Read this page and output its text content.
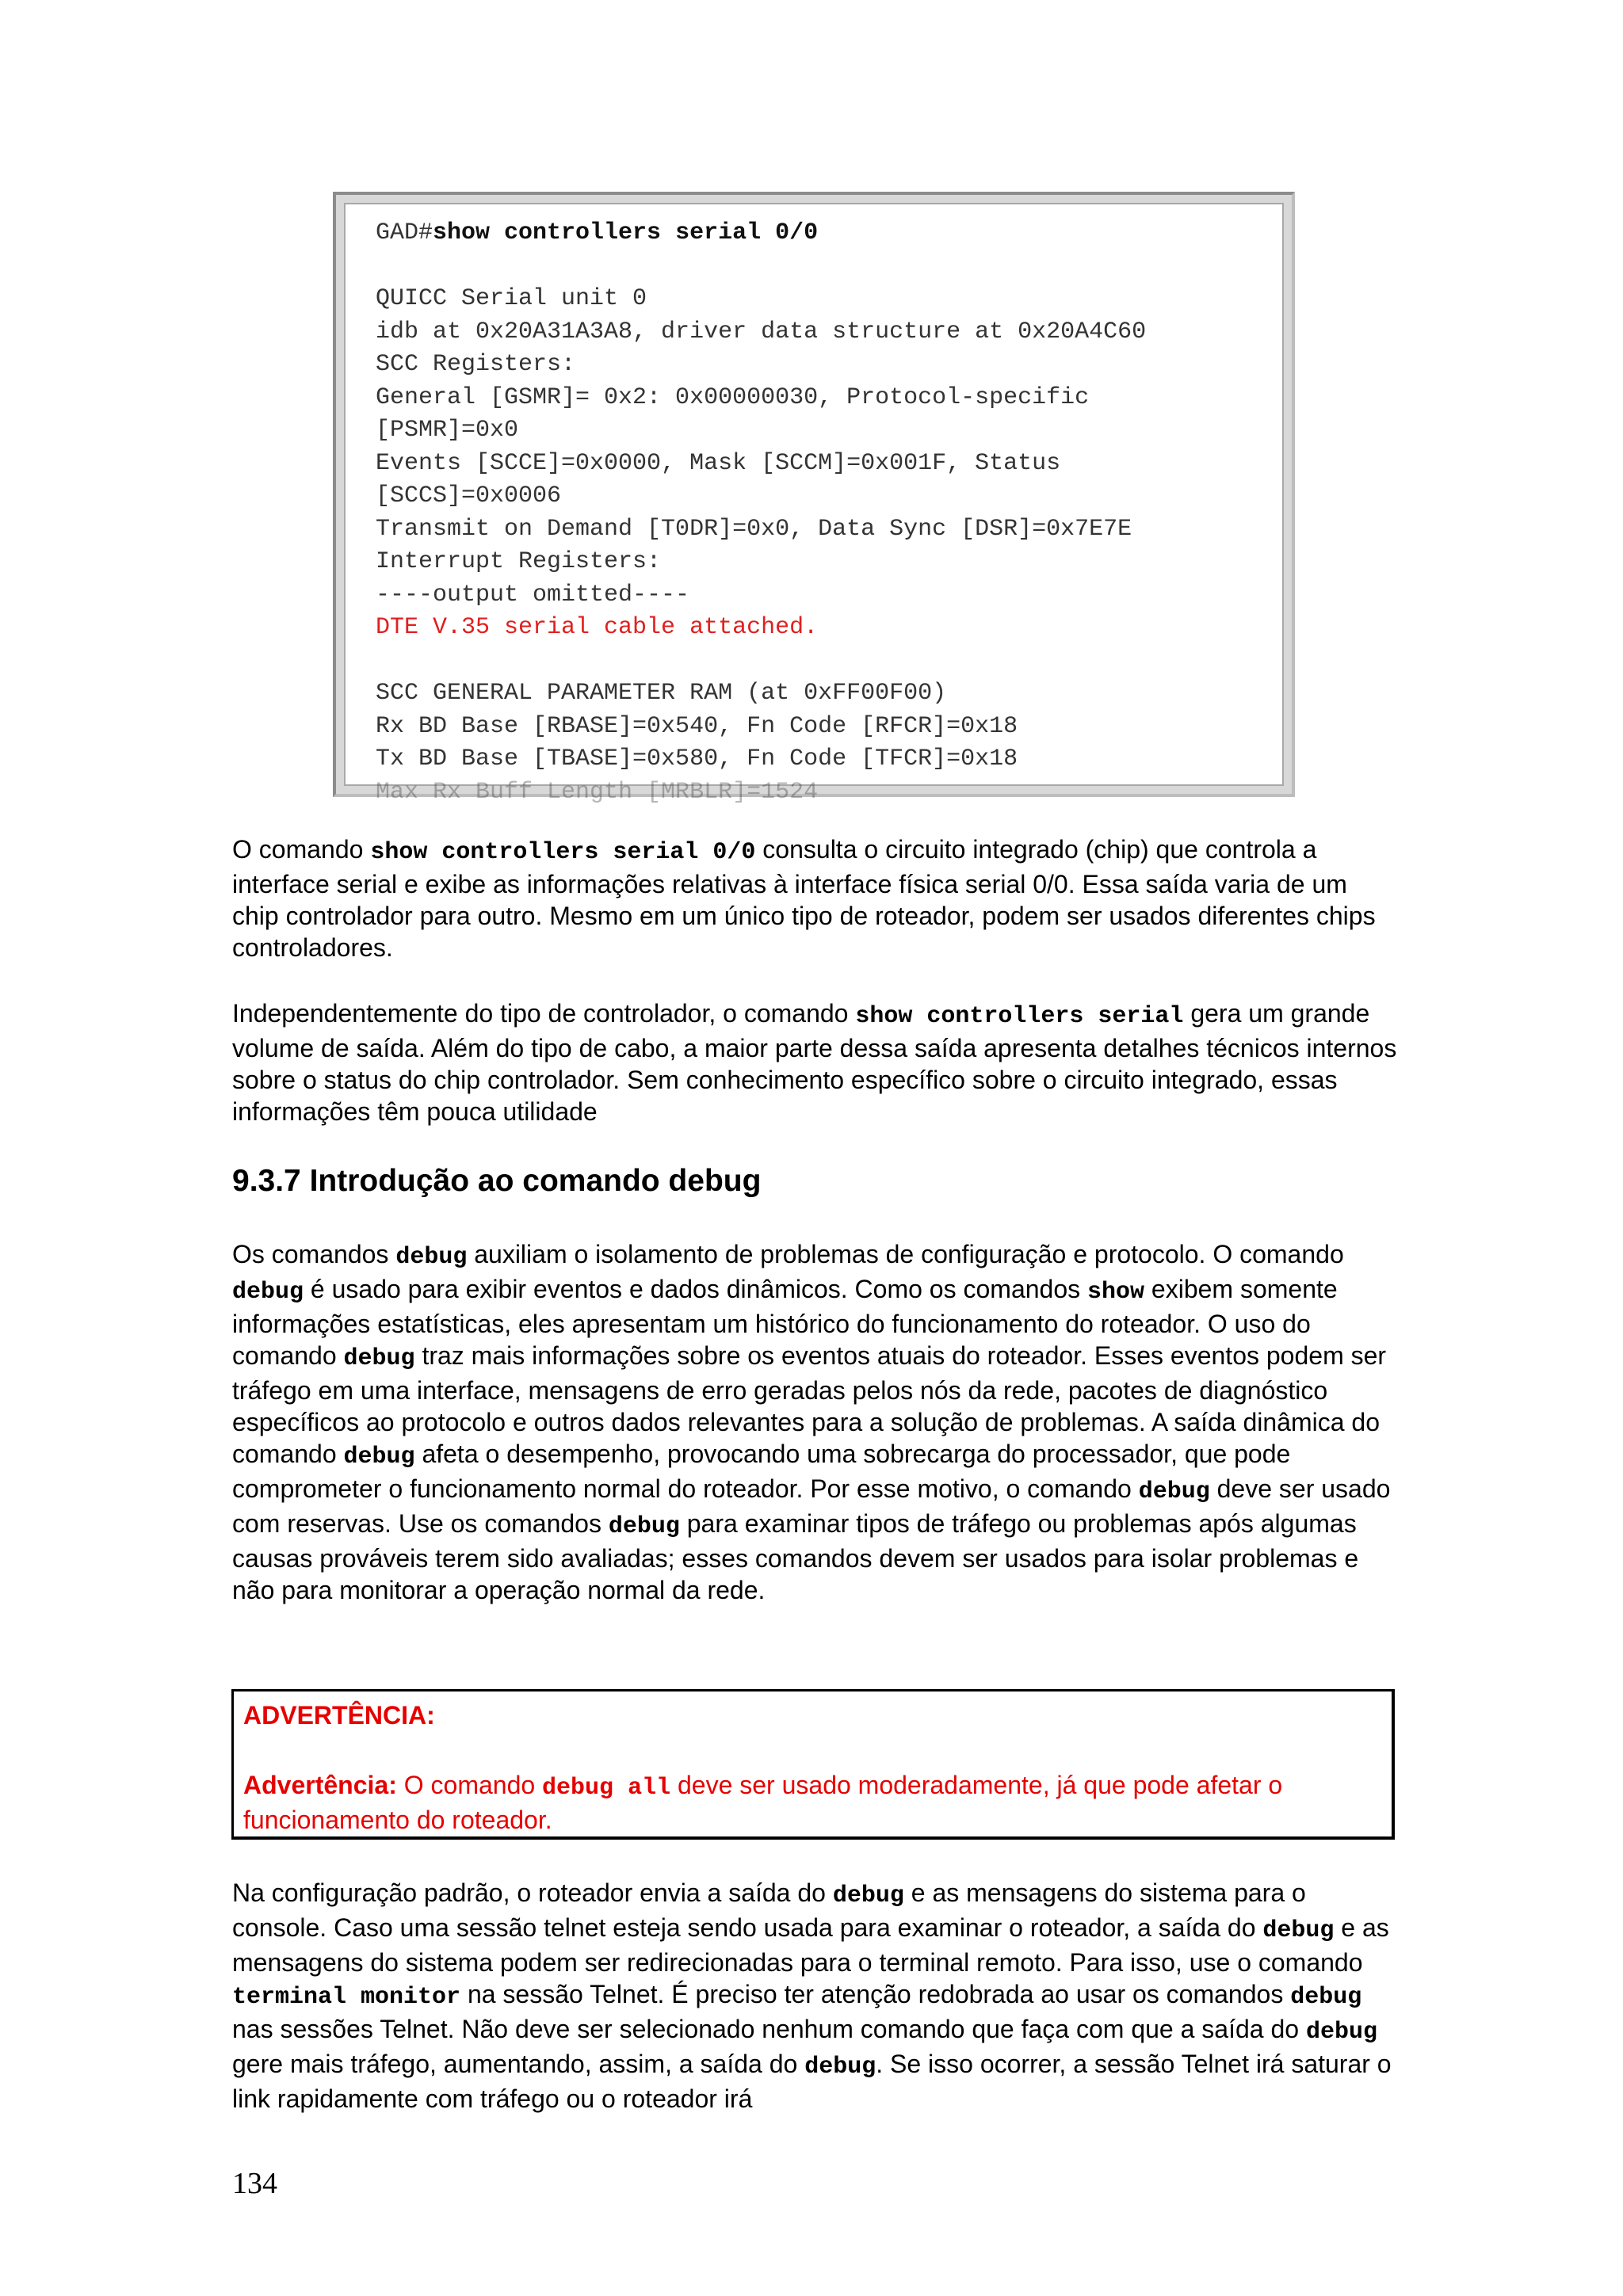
GAD#show controllers serial 0/0
QUICC Serial unit 0
idb at 0x20A31A3A8, driver data structure at 0x20A4C60
SCC Registers:
General [GSMR]= 0x2: 0x00000030, Protocol-specific
[PSMR]=0x0
Events [SCCE]=0x0000, Mask [SCCM]=0x001F, Status
[SCCS]=0x0006
Transmit on Demand [T0DR]=0x0, Data Sync [DSR]=0x7E7E
Interrupt Registers:
----output omitted----
DTE V.35 serial cable attached.
SCC GENERAL PARAMETER RAM (at 0xFF00F00)
Rx BD Base [RBASE]=0x540, Fn Code [RFCR]=0x18
Tx BD Base [TBASE]=0x580, Fn Code [TFCR]=0x18
Max Rx Buff Length [MRBLR]=1524
O comando show controllers serial 0/0 consulta o circuito integrado (chip) que controla a interface serial e exibe as informações relativas à interface física serial 0/0. Essa saída varia de um chip controlador para outro. Mesmo em um único tipo de roteador, podem ser usados diferentes chips controladores.
Independentemente do tipo de controlador, o comando show controllers serial gera um grande volume de saída. Além do tipo de cabo, a maior parte dessa saída apresenta detalhes técnicos internos sobre o status do chip controlador. Sem conhecimento específico sobre o circuito integrado, essas informações têm pouca utilidade
9.3.7 Introdução ao comando debug
Os comandos debug auxiliam o isolamento de problemas de configuração e protocolo. O comando debug é usado para exibir eventos e dados dinâmicos. Como os comandos show exibem somente informações estatísticas, eles apresentam um histórico do funcionamento do roteador. O uso do comando debug traz mais informações sobre os eventos atuais do roteador. Esses eventos podem ser tráfego em uma interface, mensagens de erro geradas pelos nós da rede, pacotes de diagnóstico específicos ao protocolo e outros dados relevantes para a solução de problemas. A saída dinâmica do comando debug afeta o desempenho, provocando uma sobrecarga do processador, que pode comprometer o funcionamento normal do roteador. Por esse motivo, o comando debug deve ser usado com reservas. Use os comandos debug para examinar tipos de tráfego ou problemas após algumas causas prováveis terem sido avaliadas; esses comandos devem ser usados para isolar problemas e não para monitorar a operação normal da rede.
ADVERTÊNCIA:
Advertência: O comando debug all deve ser usado moderadamente, já que pode afetar o funcionamento do roteador.
Na configuração padrão, o roteador envia a saída do debug e as mensagens do sistema para o console. Caso uma sessão telnet esteja sendo usada para examinar o roteador, a saída do debug e as mensagens do sistema podem ser redirecionadas para o terminal remoto. Para isso, use o comando terminal monitor na sessão Telnet. É preciso ter atenção redobrada ao usar os comandos debug nas sessões Telnet. Não deve ser selecionado nenhum comando que faça com que a saída do debug gere mais tráfego, aumentando, assim, a saída do debug. Se isso ocorrer, a sessão Telnet irá saturar o link rapidamente com tráfego ou o roteador irá
134
